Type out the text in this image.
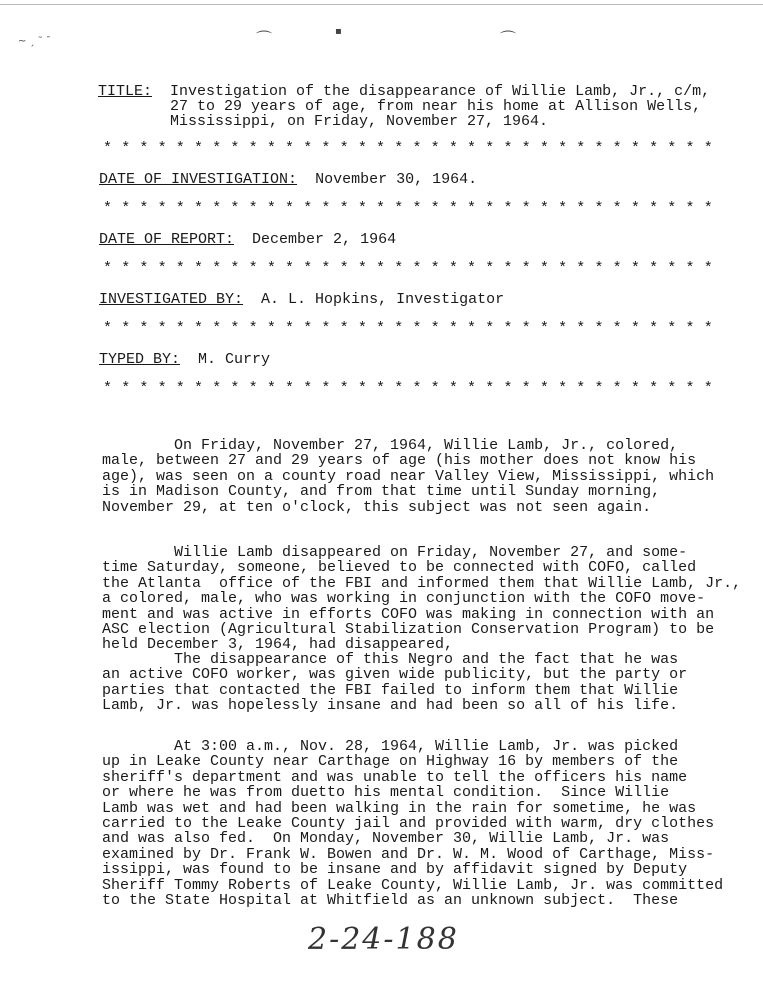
~ ˏ ˜ ˉ	⌒	▪	⌒
TITLE: Investigation of the disappearance of Willie Lamb, Jr., c/m,
27 to 29 years of age, from near his home at Allison Wells,
Mississippi, on Friday, November 27, 1964.
* * * * * * * * * * * * * * * * * * * * * * * * * * * * * * * * * *
DATE OF INVESTIGATION: November 30, 1964.
* * * * * * * * * * * * * * * * * * * * * * * * * * * * * * * * * *
DATE OF REPORT: December 2, 1964
* * * * * * * * * * * * * * * * * * * * * * * * * * * * * * * * * *
INVESTIGATED BY: A. L. Hopkins, Investigator
* * * * * * * * * * * * * * * * * * * * * * * * * * * * * * * * * *
TYPED BY: M. Curry
* * * * * * * * * * * * * * * * * * * * * * * * * * * * * * * * * *
On Friday, November 27, 1964, Willie Lamb, Jr., colored,
male, between 27 and 29 years of age (his mother does not know his
age), was seen on a county road near Valley View, Mississippi, which
is in Madison County, and from that time until Sunday morning,
November 29, at ten o'clock, this subject was not seen again.
Willie Lamb disappeared on Friday, November 27, and some-
time Saturday, someone, believed to be connected with COFO, called
the Atlanta  office of the FBI and informed them that Willie Lamb, Jr.,
a colored, male, who was working in conjunction with the COFO move-
ment and was active in efforts COFO was making in connection with an
ASC election (Agricultural Stabilization Conservation Program) to be
held December 3, 1964, had disappeared,
The disappearance of this Negro and the fact that he was
an active COFO worker, was given wide publicity, but the party or
parties that contacted the FBI failed to inform them that Willie
Lamb, Jr. was hopelessly insane and had been so all of his life.
At 3:00 a.m., Nov. 28, 1964, Willie Lamb, Jr. was picked
up in Leake County near Carthage on Highway 16 by members of the
sheriff's department and was unable to tell the officers his name
or where he was from duetto his mental condition.  Since Willie
Lamb was wet and had been walking in the rain for sometime, he was
carried to the Leake County jail and provided with warm, dry clothes
and was also fed.  On Monday, November 30, Willie Lamb, Jr. was
examined by Dr. Frank W. Bowen and Dr. W. M. Wood of Carthage, Miss-
issippi, was found to be insane and by affidavit signed by Deputy
Sheriff Tommy Roberts of Leake County, Willie Lamb, Jr. was committed
to the State Hospital at Whitfield as an unknown subject.  These
2-24-188
